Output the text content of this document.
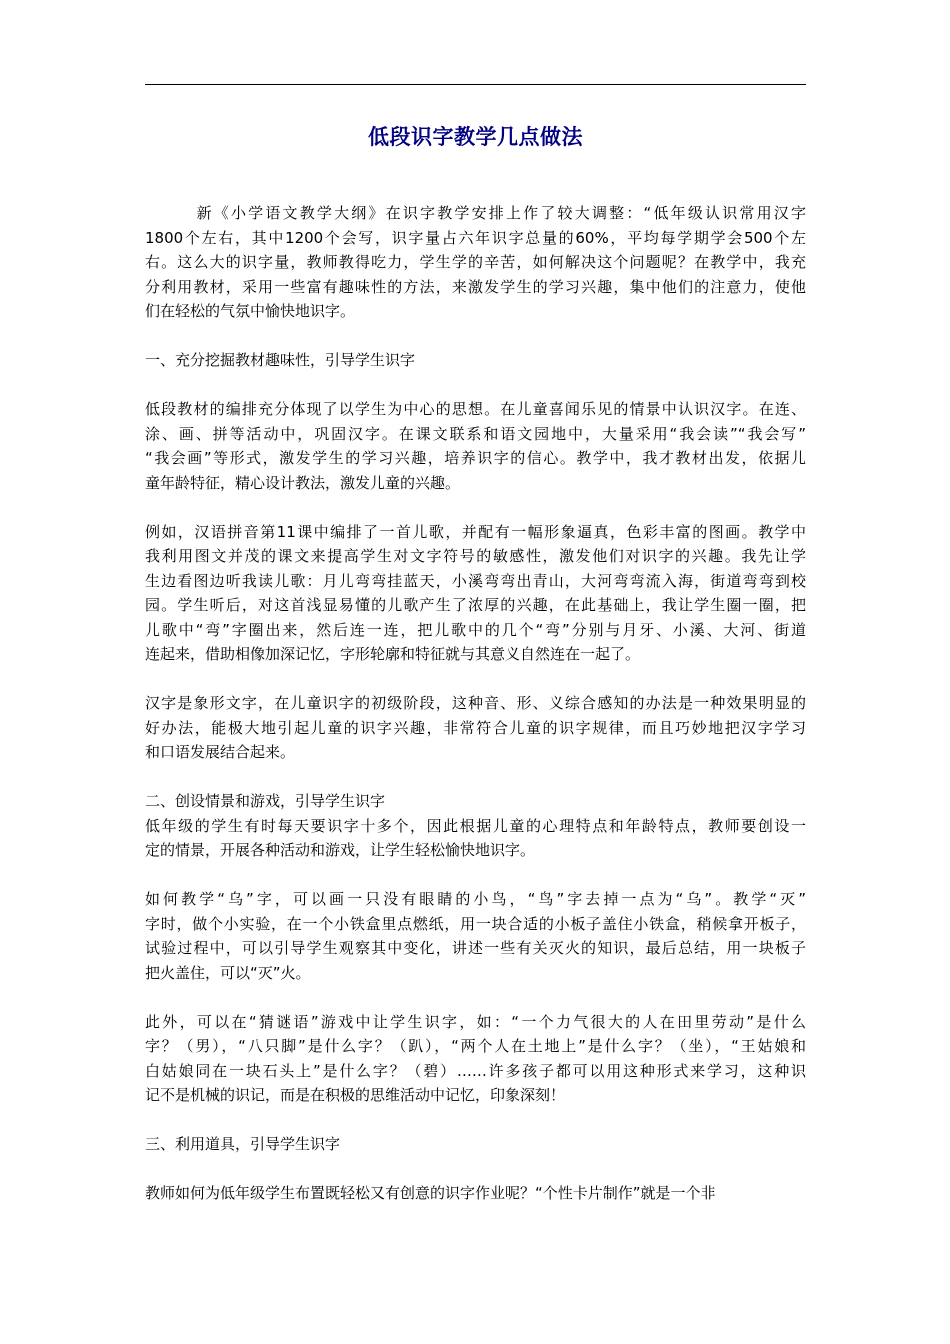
低段识字教学几点做法
　　　新《小学语文教学大纲》在识字教学安排上作了较大调整：“低年级认识常用汉字
1800个左右，其中1200个会写，识字量占六年识字总量的60%，平均每学期学会500个左
右。这么大的识字量，教师教得吃力，学生学的辛苦，如何解决这个问题呢？在教学中，我充
分利用教材，采用一些富有趣味性的方法，来激发学生的学习兴趣，集中他们的注意力，使他
们在轻松的气氛中愉快地识字。
一、充分挖掘教材趣味性，引导学生识字
低段教材的编排充分体现了以学生为中心的思想。在儿童喜闻乐见的情景中认识汉字。在连、
涂、画、拼等活动中，巩固汉字。在课文联系和语文园地中，大量采用“我会读”“我会写”
“我会画”等形式，激发学生的学习兴趣，培养识字的信心。教学中，我才教材出发，依据儿
童年龄特征，精心设计教法，激发儿童的兴趣。
例如，汉语拼音第11课中编排了一首儿歌，并配有一幅形象逼真，色彩丰富的图画。教学中
我利用图文并茂的课文来提高学生对文字符号的敏感性，激发他们对识字的兴趣。我先让学
生边看图边听我读儿歌：月儿弯弯挂蓝天，小溪弯弯出青山，大河弯弯流入海，街道弯弯到校
园。学生听后，对这首浅显易懂的儿歌产生了浓厚的兴趣，在此基础上，我让学生圈一圈，把
儿歌中“弯”字圈出来，然后连一连，把儿歌中的几个“弯”分别与月牙、小溪、大河、街道
连起来，借助相像加深记忆，字形轮廓和特征就与其意义自然连在一起了。
汉字是象形文字，在儿童识字的初级阶段，这种音、形、义综合感知的办法是一种效果明显的
好办法，能极大地引起儿童的识字兴趣，非常符合儿童的识字规律，而且巧妙地把汉字学习
和口语发展结合起来。
二、创设情景和游戏，引导学生识字
低年级的学生有时每天要识字十多个，因此根据儿童的心理特点和年龄特点，教师要创设一
定的情景，开展各种活动和游戏，让学生轻松愉快地识字。
如何教学“乌”字，可以画一只没有眼睛的小鸟，“鸟”字去掉一点为“乌”。教学“灭”
字时，做个小实验，在一个小铁盒里点燃纸，用一块合适的小板子盖住小铁盒，稍候拿开板子，
试验过程中，可以引导学生观察其中变化，讲述一些有关灭火的知识，最后总结，用一块板子
把火盖住，可以“灭”火。
此外，可以在“猜谜语”游戏中让学生识字，如：“一个力气很大的人在田里劳动”是什么
字？（男），“八只脚”是什么字？（趴），“两个人在土地上”是什么字？（坐），“王姑娘和
白姑娘同在一块石头上”是什么字？（碧）……许多孩子都可以用这种形式来学习，这种识
记不是机械的识记，而是在积极的思维活动中记忆，印象深刻！
三、利用道具，引导学生识字
教师如何为低年级学生布置既轻松又有创意的识字作业呢？“个性卡片制作”就是一个非
